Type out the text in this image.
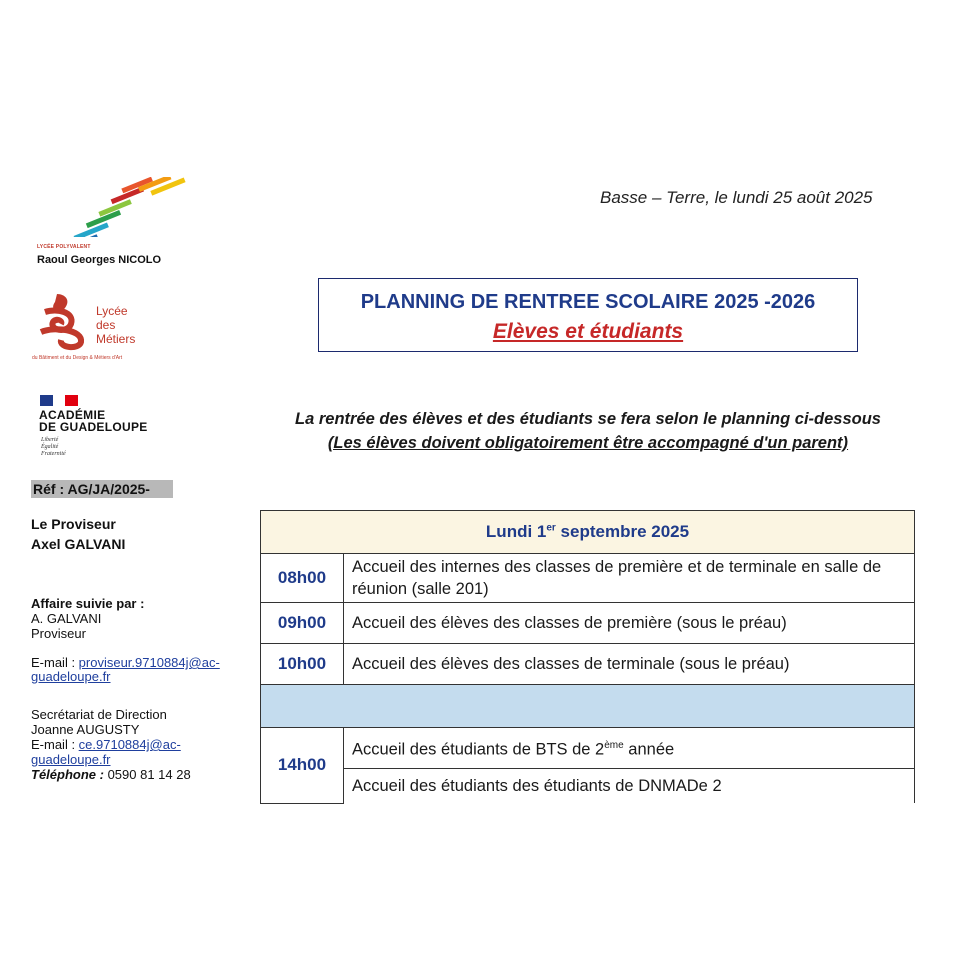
LYCÉE POLYVALENT
Raoul Georges NICOLO
Lycée
des
Métiers
du Bâtiment et du Design & Métiers d'Art
ACADÉMIE
DE GUADELOUPE
Liberté
Égalité
Fraternité
Réf : AG/JA/2025-
Le Proviseur
Axel GALVANI
Affaire suivie par :
A. GALVANI
Proviseur
E-mail : proviseur.9710884j@ac-guadeloupe.fr
Secrétariat de Direction
Joanne AUGUSTY
E-mail : ce.9710884j@ac-guadeloupe.fr
Téléphone : 0590 81 14 28
Basse – Terre, le lundi 25 août 2025
PLANNING DE RENTREE SCOLAIRE 2025 -2026
Elèves et étudiants
La rentrée des élèves et des étudiants se fera selon le planning ci-dessous
(Les élèves doivent obligatoirement être accompagné d'un parent)
Lundi 1er septembre 2025	
08h00	Accueil des internes des classes de première et de terminale en salle de réunion (salle 201)
09h00	Accueil des élèves des classes de première (sous le préau)
10h00	Accueil des élèves des classes de terminale (sous le préau)

14h00	Accueil des étudiants de BTS de 2ème année
	Accueil des étudiants des étudiants de DNMADe 2
